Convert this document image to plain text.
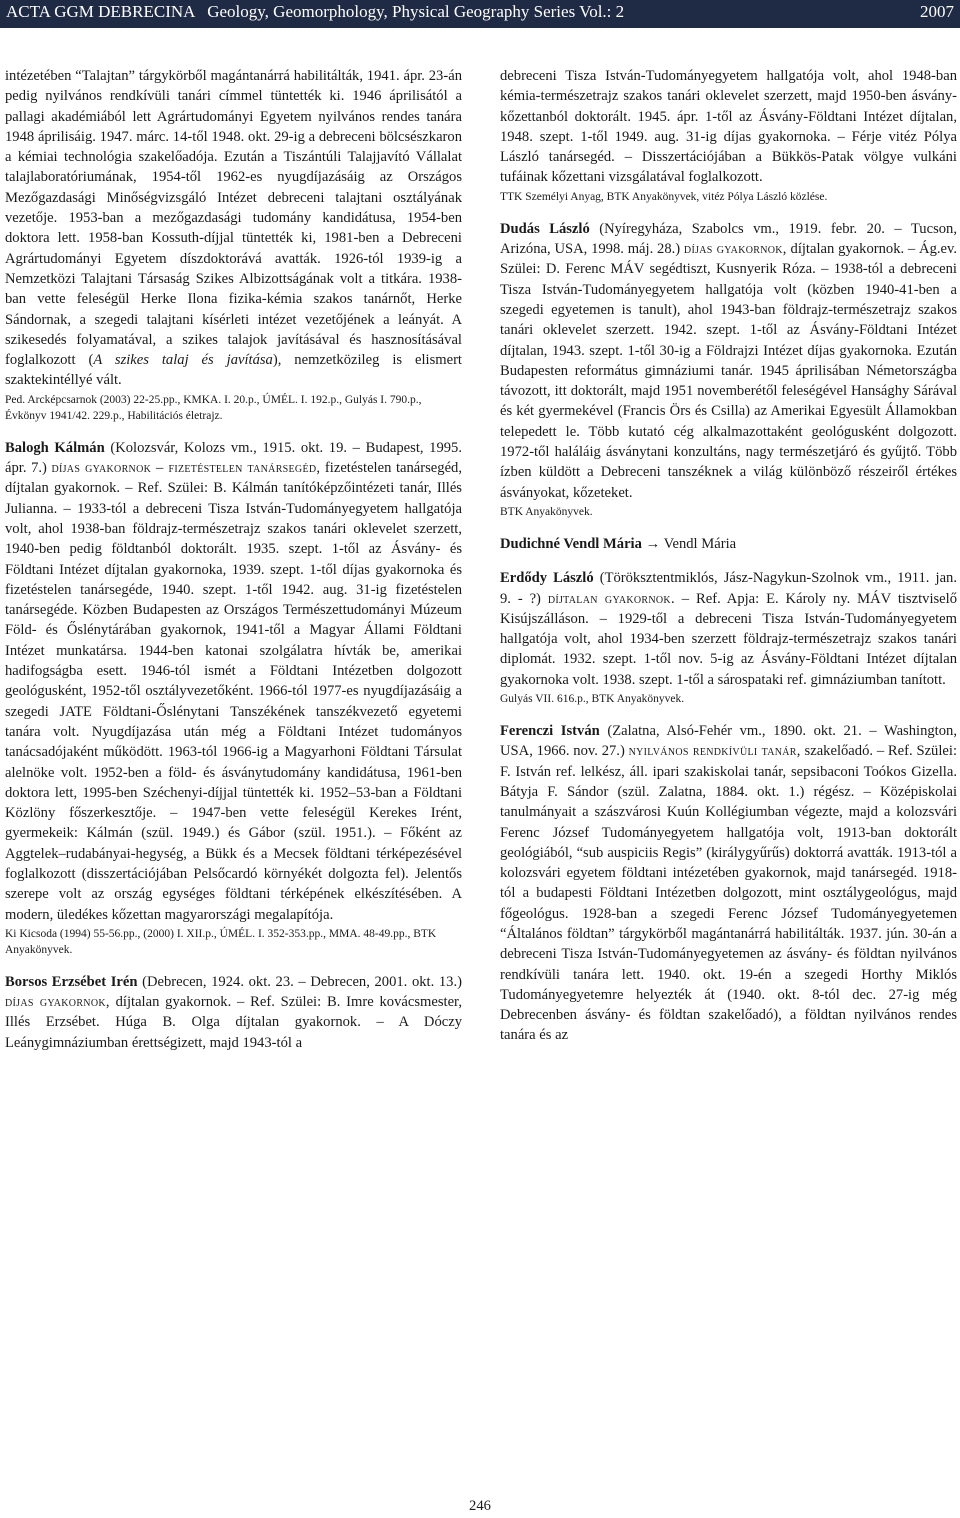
ACTA GGM DEBRECINA   Geology, Geomorphology, Physical Geography Series Vol.: 2	2007

intézetében “Talajtan” tárgykörből magántanárrá habilitálták, 1941. ápr. 23-án pedig nyilvános rendkívüli tanári címmel tüntették ki. 1946 áprilisától a pallagi akadémiából lett Agrártudományi Egyetem nyilvános rendes tanára 1948 áprilisáig. 1947. márc. 14-től 1948. okt. 29-ig a debreceni bölcsészkaron a kémiai technológia szakelőadója. Ezután a Tiszántúli Talajjavító Vállalat talajlaboratóriumának, 1954-től 1962-es nyugdíjazásáig az Országos Mezőgazdasági Minőségvizsgáló Intézet debreceni talajtani osztályának vezetője. 1953-ban a mezőgazdasági tudomány kandidátusa, 1954-ben doktora lett. 1958-ban Kossuth-díjjal tüntették ki, 1981-ben a Debreceni Agrártudományi Egyetem díszdoktorává avatták. 1926-tól 1939-ig a Nemzetközi Talajtani Társaság Szikes Albizottságának volt a titkára. 1938-ban vette feleségül Herke Ilona fizika-kémia szakos tanárnőt, Herke Sándornak, a szegedi talajtani kísérleti intézet vezetőjének a leányát. A szikesedés folyamatával, a szikes talajok javításával és hasznosításával foglalkozott (A szikes talaj és javítása), nemzetközileg is elismert szaktekintéllyé vált.

Ped. Arcképcsarnok (2003) 22-25.pp., KMKA. I. 20.p., ÚMÉL. I. 192.p., Gulyás I. 790.p., Évkönyv 1941/42. 229.p., Habilitációs életrajz.

Balogh Kálmán (Kolozsvár, Kolozs vm., 1915. okt. 19. – Budapest, 1995. ápr. 7.) díjas gyakornok – fizetéstelen tanársegéd, fizetéstelen tanársegéd, díjtalan gyakornok. – Ref. Szülei: B. Kálmán tanítóképzőintézeti tanár, Illés Julianna. – 1933-tól a debreceni Tisza István-Tudományegyetem hallgatója volt, ahol 1938-ban földrajz-természetrajz szakos tanári oklevelet szerzett, 1940-ben pedig földtanból doktorált. 1935. szept. 1-től az Ásvány- és Földtani Intézet díjtalan gyakornoka, 1939. szept. 1-től díjas gyakornoka és fizetéstelen tanársegéde, 1940. szept. 1-től 1942. aug. 31-ig fizetéstelen tanársegéde. Közben Budapesten az Országos Természettudományi Múzeum Föld- és Őslénytárában gyakornok, 1941-től a Magyar Állami Földtani Intézet munkatársa. 1944-ben katonai szolgálatra hívták be, amerikai hadifogságba esett. 1946-tól ismét a Földtani Intézetben dolgozott geológusként, 1952-től osztályvezetőként. 1966-tól 1977-es nyugdíjazásáig a szegedi JATE Földtani-Őslénytani Tanszékének tanszékvezető egyetemi tanára volt. Nyugdíjazása után még a Földtani Intézet tudományos tanácsadójaként működött. 1963-tól 1966-ig a Magyarhoni Földtani Társulat alelnöke volt. 1952-ben a föld- és ásványtudomány kandidátusa, 1961-ben doktora lett, 1995-ben Széchenyi-díjjal tüntették ki. 1952–53-ban a Földtani Közlöny főszerkesztője. – 1947-ben vette feleségül Kerekes Irént, gyermekeik: Kálmán (szül. 1949.) és Gábor (szül. 1951.). – Főként az Aggtelek–rudabányai-hegység, a Bükk és a Mecsek földtani térképezésével foglalkozott (disszertációjában Pelsőcardó környékét dolgozta fel). Jelentős szerepe volt az ország egységes földtani térképének elkészítésében. A modern, üledékes kőzettan magyarországi megalapítója.

Ki Kicsoda (1994) 55-56.pp., (2000) I. XII.p., ÚMÉL. I. 352-353.pp., MMA. 48-49.pp., BTK Anyakönyvek.

Borsos Erzsébet Irén (Debrecen, 1924. okt. 23. – Debrecen, 2001. okt. 13.) díjas gyakornok, díjtalan gyakornok. – Ref. Szülei: B. Imre kovácsmester, Illés Erzsébet. Húga B. Olga díjtalan gyakornok. – A Dóczy Leánygimnáziumban érettségizett, majd 1943-tól a

debreceni Tisza István-Tudományegyetem hallgatója volt, ahol 1948-ban kémia-természetrajz szakos tanári oklevelet szerzett, majd 1950-ben ásvány-kőzettanból doktorált. 1945. ápr. 1-től az Ásvány-Földtani Intézet díjtalan, 1948. szept. 1-től 1949. aug. 31-ig díjas gyakornoka. – Férje vitéz Pólya László tanársegéd. – Disszertációjában a Bükkös-Patak völgye vulkáni tufáinak kőzettani vizsgálatával foglalkozott.

TTK Személyi Anyag, BTK Anyakönyvek, vitéz Pólya László közlése.

Dudás László (Nyíregyháza, Szabolcs vm., 1919. febr. 20. – Tucson, Arizóna, USA, 1998. máj. 28.) díjas gyakornok, díjtalan gyakornok. – Ág.ev. Szülei: D. Ferenc MÁV segédtiszt, Kusnyerik Róza. – 1938-tól a debreceni Tisza István-Tudományegyetem hallgatója volt (közben 1940-41-ben a szegedi egyetemen is tanult), ahol 1943-ban földrajz-természetrajz szakos tanári oklevelet szerzett. 1942. szept. 1-től az Ásvány-Földtani Intézet díjtalan, 1943. szept. 1-től 30-ig a Földrajzi Intézet díjas gyakornoka. Ezután Budapesten református gimnáziumi tanár. 1945 áprilisában Németországba távozott, itt doktorált, majd 1951 novemberétől feleségével Hansághy Sárával és két gyermekével (Francis Örs és Csilla) az Amerikai Egyesült Államokban telepedett le. Több kutató cég alkalmazottaként geológusként dolgozott. 1972-től haláláig ásványtani konzultáns, nagy természetjáró és gyűjtő. Több ízben küldött a Debreceni tanszéknek a világ különböző részeiről értékes ásványokat, kőzeteket.

BTK Anyakönyvek.

Dudichné Vendl Mária → Vendl Mária

Erdődy László (Töröksztentmiklós, Jász-Nagykun-Szolnok vm., 1911. jan. 9. - ?) díjtalan gyakornok. – Ref. Apja: E. Károly ny. MÁV tisztviselő Kisújszálláson. – 1929-től a debreceni Tisza István-Tudományegyetem hallgatója volt, ahol 1934-ben szerzett földrajz-természetrajz szakos tanári diplomát. 1932. szept. 1-től nov. 5-ig az Ásvány-Földtani Intézet díjtalan gyakornoka volt. 1938. szept. 1-től a sárospataki ref. gimnáziumban tanított.

Gulyás VII. 616.p., BTK Anyakönyvek.

Ferenczi István (Zalatna, Alsó-Fehér vm., 1890. okt. 21. – Washington, USA, 1966. nov. 27.) nyilvános rendkívüli tanár, szakelőadó. – Ref. Szülei: F. István ref. lelkész, áll. ipari szakiskolai tanár, sepsibaconi Toókos Gizella. Bátyja F. Sándor (szül. Zalatna, 1884. okt. 1.) régész. – Középiskolai tanulmányait a szászvárosi Kuún Kollégiumban végezte, majd a kolozsvári Ferenc József Tudományegyetem hallgatója volt, 1913-ban doktorált geológiából, “sub auspiciis Regis” (királygyűrűs) doktorrá avatták. 1913-tól a kolozsvári egyetem földtani intézetében gyakornok, majd tanársegéd. 1918-tól a budapesti Földtani Intézetben dolgozott, mint osztálygeológus, majd főgeológus. 1928-ban a szegedi Ferenc József Tudományegyetemen “Általános földtan” tárgykörből magántanárrá habilitálták. 1937. jún. 30-án a debreceni Tisza István-Tudományegyetemen az ásvány- és földtan nyilvános rendkívüli tanára lett. 1940. okt. 19-én a szegedi Horthy Miklós Tudományegyetemre helyezték át (1940. okt. 8-tól dec. 27-ig még Debrecenben ásvány- és földtan szakelőadó), a földtan nyilvános rendes tanára és az

246
